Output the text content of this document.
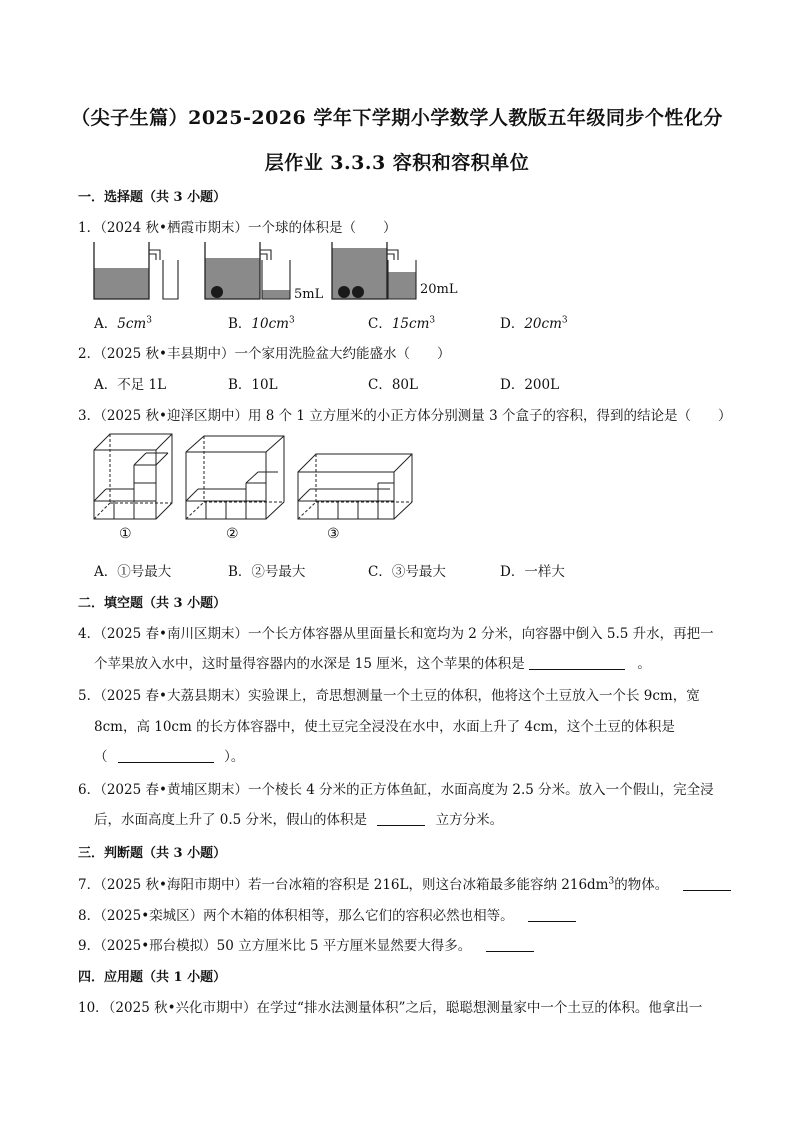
（尖子生篇）2025-2026 学年下学期小学数学人教版五年级同步个性化分
层作业 3.3.3 容积和容积单位
一．选择题（共 3 小题）
1．（2024 秋•栖霞市期末）一个球的体积是（　　）
5mL	20mL
A．$5cm^3$	B．$10cm^3$	C．$15cm^3$	D．$20cm^3$
2．（2025 秋•丰县期中）一个家用洗脸盆大约能盛水（　　）
A．不足 1L	B．10L	C．80L	D．200L
3．（2025 秋•迎泽区期中）用 8 个 1 立方厘米的小正方体分别测量 3 个盒子的容积，得到的结论是（　　）
①	②	③
A．①号最大	B．②号最大	C．③号最大	D．一样大
二．填空题（共 3 小题）
4．（2025 春•南川区期末）一个长方体容器从里面量长和宽均为 2 分米，向容器中倒入 5.5 升水，再把一
个苹果放入水中，这时量得容器内的水深是 15 厘米，这个苹果的体积是	。
5．（2025 春•大荔县期末）实验课上，奇思想测量一个土豆的体积，他将这个土豆放入一个长 9cm，宽
8cm，高 10cm 的长方体容器中，使土豆完全浸没在水中，水面上升了 4cm，这个土豆的体积是
（	）。
6．（2025 春•黄埔区期末）一个棱长 4 分米的正方体鱼缸，水面高度为 2.5 分米。放入一个假山，完全浸
后，水面高度上升了 0.5 分米，假山的体积是	立方分米。
三．判断题（共 3 小题）
7．（2025 秋•海阳市期中）若一台冰箱的容积是 216L，则这台冰箱最多能容纳 $216dm^3$的物体。
8．（2025•栾城区）两个木箱的体积相等，那么它们的容积必然也相等。
9．（2025•邢台模拟）50 立方厘米比 5 平方厘米显然要大得多。
四．应用题（共 1 小题）
10．（2025 秋•兴化市期中）在学过“排水法测量体积”之后，聪聪想测量家中一个土豆的体积。他拿出一
